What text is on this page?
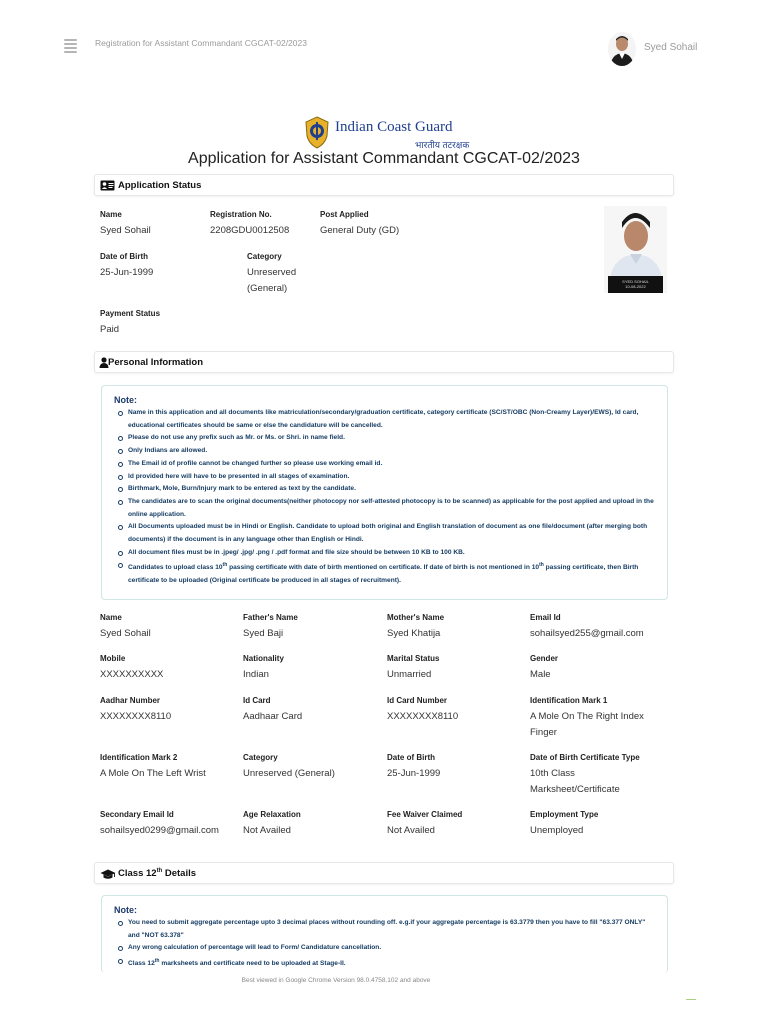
Registration for Assistant Commandant CGCAT-02/2023	Syed Sohail
Indian Coast Guard
भारतीय तटरक्षक
Application for Assistant Commandant CGCAT-02/2023
Application Status
Name
Syed Sohail
Registration No.
2208GDU0012508
Post Applied
General Duty (GD)
Date of Birth
25-Jun-1999
Category
Unreserved
(General)
Payment Status
Paid
SYED SOHAIL
10-08-2022
Personal Information
Note:
Name in this application and all documents like matriculation/secondary/graduation certificate, category certificate (SC/ST/OBC (Non-Creamy Layer)/EWS), Id card, educational certificates should be same or else the candidature will be cancelled.
Please do not use any prefix such as Mr. or Ms. or Shri. in name field.
Only Indians are allowed.
The Email id of profile cannot be changed further so please use working email id.
Id provided here will have to be presented in all stages of examination.
Birthmark, Mole, Burn/Injury mark to be entered as text by the candidate.
The candidates are to scan the original documents(neither photocopy nor self-attested photocopy is to be scanned) as applicable for the post applied and upload in the online application.
All Documents uploaded must be in Hindi or English. Candidate to upload both original and English translation of document as one file/document (after merging both documents) if the document is in any language other than English or Hindi.
All document files must be in .jpeg/ .jpg/ .png / .pdf format and file size should be between 10 KB to 100 KB.
Candidates to upload class 10th passing certificate with date of birth mentioned on certificate. If date of birth is not mentioned in 10th passing certificate, then Birth certificate to be uploaded (Original certificate be produced in all stages of recruitment).
Name
Syed Sohail
Father's Name
Syed Baji
Mother's Name
Syed Khatija
Email Id
sohailsyed255@gmail.com
Mobile
XXXXXXXXXX
Nationality
Indian
Marital Status
Unmarried
Gender
Male
Aadhar Number
XXXXXXXX8110
Id Card
Aadhaar Card
Id Card Number
XXXXXXXX8110
Identification Mark 1
A Mole On The Right Index
Finger
Identification Mark 2
A Mole On The Left Wrist
Category
Unreserved (General)
Date of Birth
25-Jun-1999
Date of Birth Certificate Type
10th Class
Marksheet/Certificate
Secondary Email Id
sohailsyed0299@gmail.com
Age Relaxation
Not Availed
Fee Waiver Claimed
Not Availed
Employment Type
Unemployed
Class 12th Details
Note:
You need to submit aggregate percentage upto 3 decimal places without rounding off. e.g.if your aggregate percentage is 63.3779 then you have to fill "63.377 ONLY" and "NOT 63.378"
Any wrong calculation of percentage will lead to Form/ Candidature cancellation.
Class 12th marksheets and certificate need to be uploaded at Stage-II.
Best viewed in Google Chrome Version 98.0.4758.102 and above
